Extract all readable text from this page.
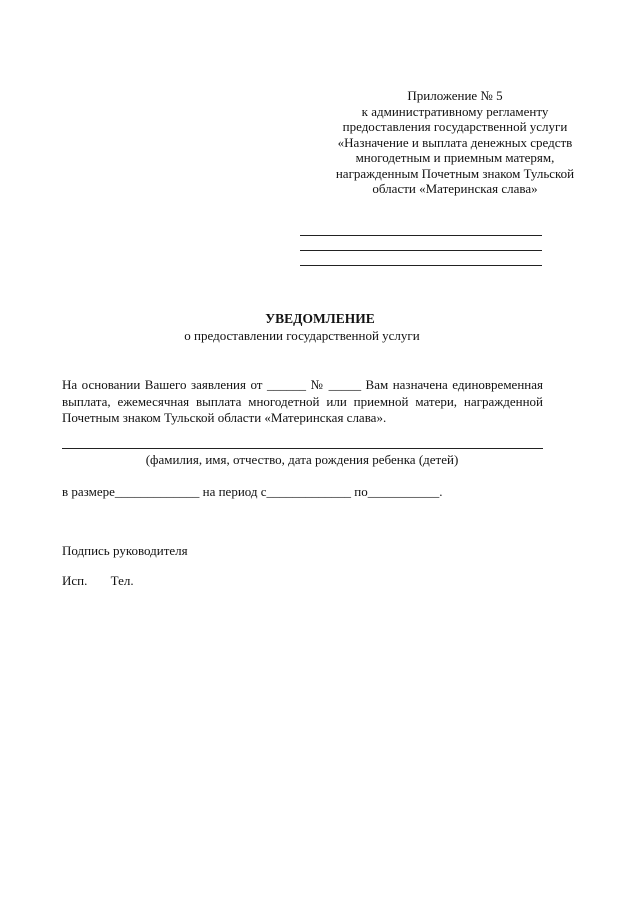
Приложение № 5
к административному регламенту
предоставления государственной услуги
«Назначение и выплата денежных средств
многодетным и приемным матерям,
награжденным Почетным знаком Тульской
области «Материнская слава»
УВЕДОМЛЕНИЕ
о предоставлении государственной услуги
На основании Вашего заявления от ______ № _____ Вам назначена единовременная
выплата, ежемесячная выплата многодетной или приемной матери, награжденной
Почетным знаком Тульской области «Материнская слава».
(фамилия, имя, отчество, дата рождения ребенка (детей)
в размере_____________ на период с_____________ по___________.
Подпись руководителя
Исп. Тел.
